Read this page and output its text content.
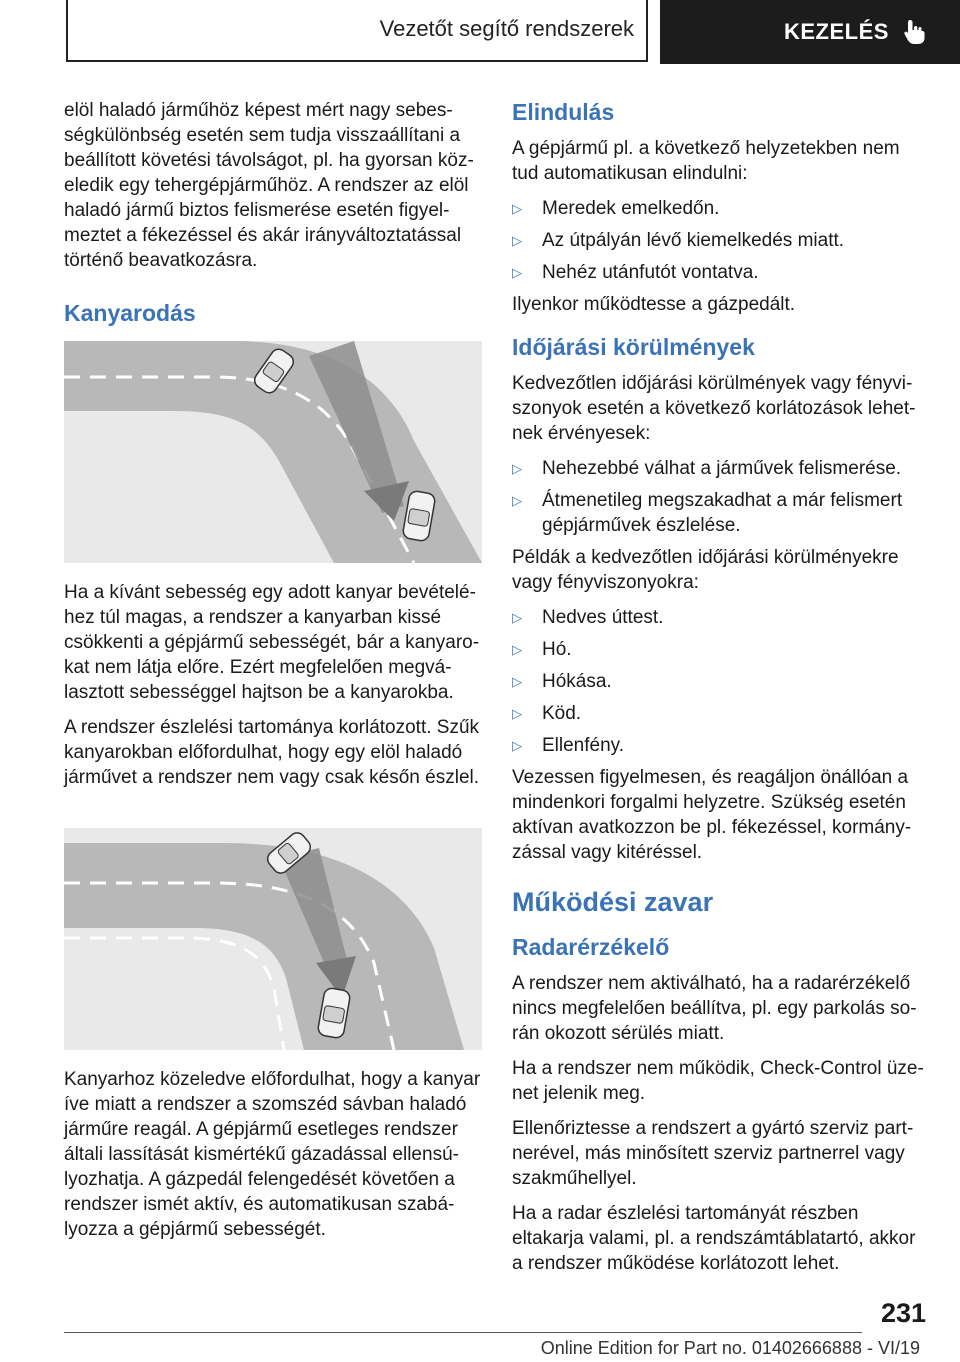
Vezetőt segítő rendszerek	KEZELÉS

elöl haladó járműhöz képest mért nagy sebességkülönbség esetén sem tudja visszaállítani a beállított követési távolságot, pl. ha gyorsan közeledik egy tehergépjárműhöz. A rendszer az elöl haladó jármű biztos felismerése esetén figyelmeztet a fékezéssel és akár irányváltoztatással történő beavatkozásra.

Kanyarodás

Ha a kívánt sebesség egy adott kanyar bevételéhez túl magas, a rendszer a kanyarban kissé csökkenti a gépjármű sebességét, bár a kanyarokat nem látja előre. Ezért megfelelően megválasztott sebességgel hajtson be a kanyarokba.

A rendszer észlelési tartománya korlátozott. Szűk kanyarokban előfordulhat, hogy egy elöl haladó járművet a rendszer nem vagy csak későn észlel.

Kanyarhoz közeledve előfordulhat, hogy a kanyar íve miatt a rendszer a szomszéd sávban haladó járműre reagál. A gépjármű esetleges rendszer általi lassítását kismértékű gázadással ellensúlyozhatja. A gázpedál felengedését követően a rendszer ismét aktív, és automatikusan szabályozza a gépjármű sebességét.

Elindulás

A gépjármű pl. a következő helyzetekben nem tud automatikusan elindulni:

▷ Meredek emelkedőn.
▷ Az útpályán lévő kiemelkedés miatt.
▷ Nehéz utánfutót vontatva.

Ilyenkor működtesse a gázpedált.

Időjárási körülmények

Kedvezőtlen időjárási körülmények vagy fényviszonyok esetén a következő korlátozások lehetnek érvényesek:

▷ Nehezebbé válhat a járművek felismerése.
▷ Átmenetileg megszakadhat a már felismert gépjárművek észlelése.

Példák a kedvezőtlen időjárási körülményekre vagy fényviszonyokra:

▷ Nedves úttest.
▷ Hó.
▷ Hókása.
▷ Köd.
▷ Ellenfény.

Vezessen figyelmesen, és reagáljon önállóan a mindenkori forgalmi helyzetre. Szükség esetén aktívan avatkozzon be pl. fékezéssel, kormányzással vagy kitéréssel.

Működési zavar
Radarérzékelő

A rendszer nem aktiválható, ha a radarérzékelő nincs megfelelően beállítva, pl. egy parkolás során okozott sérülés miatt.

Ha a rendszer nem működik, Check-Control üzenet jelenik meg.

Ellenőriztesse a rendszert a gyártó szerviz partnerével, más minősített szerviz partnerrel vagy szakműhellyel.

Ha a radar észlelési tartományát részben eltakarja valami, pl. a rendszámtáblatartó, akkor a rendszer működése korlátozott lehet.

231
Online Edition for Part no. 01402666888 - VI/19
